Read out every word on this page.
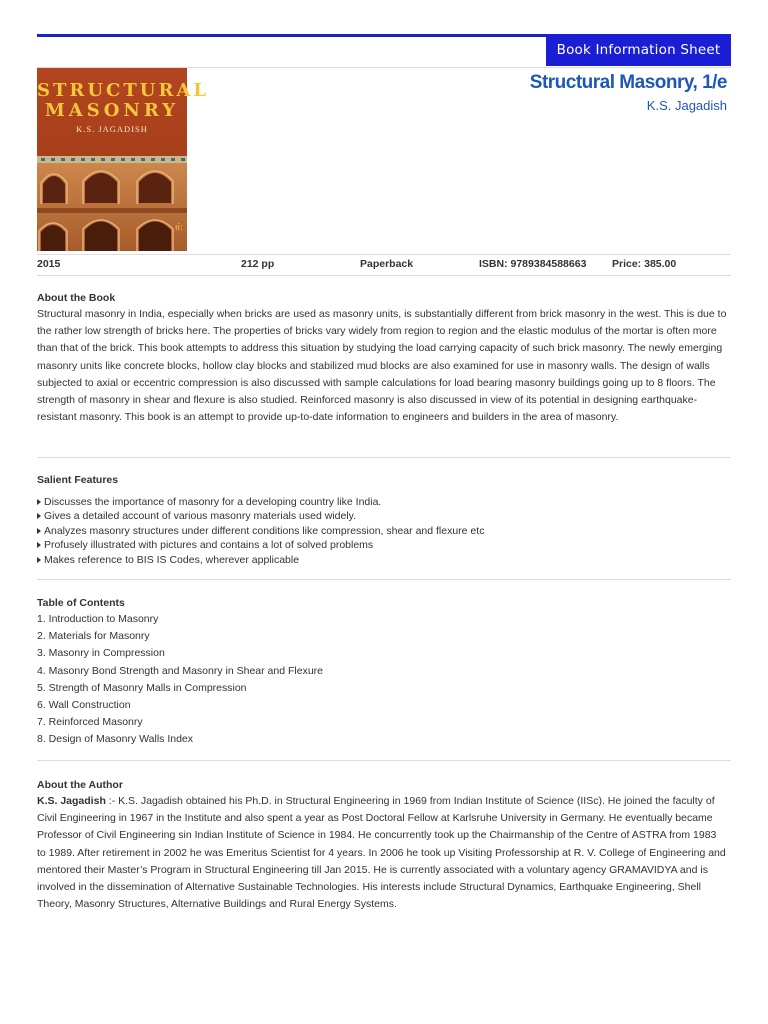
Book Information Sheet
ıi:
STRUCTURAL
MASONRY
K.S. JAGADISH
Structural Masonry, 1/e
K.S. Jagadish
2015	212 pp	Paperback	ISBN: 9789384588663 Price: 385.00
About the Book

Structural masonry in India, especially when bricks are used as masonry units, is substantially different from brick masonry in the west. This is due to the rather low strength of bricks here. The properties of bricks vary widely from region to region and the elastic modulus of the mortar is often more than that of the brick. This book attempts to address this situation by studying the load carrying capacity of such brick masonry. The newly emerging masonry units like concrete blocks, hollow clay blocks and stabilized mud blocks are also examined for use in masonry walls. The design of walls subjected to axial or eccentric compression is also discussed with sample calculations for load bearing masonry buildings going up to 8 floors. The strength of masonry in shear and flexure is also studied. Reinforced masonry is also discussed in view of its potential in designing earthquake-resistant masonry. This book is an attempt to provide up-to-date information to engineers and builders in the area of masonry.

Salient Features
Discusses the importance of masonry for a developing country like India.
Gives a detailed account of various masonry materials used widely.
Analyzes masonry structures under different conditions like compression, shear and flexure etc
Profusely illustrated with pictures and contains a lot of solved problems
Makes reference to BIS IS Codes, wherever applicable
Table of Contents
1. Introduction to Masonry
2. Materials for Masonry
3. Masonry in Compression
4. Masonry Bond Strength and Masonry in Shear and Flexure
5. Strength of Masonry Malls in Compression
6. Wall Construction
7. Reinforced Masonry
8. Design of Masonry Walls Index
About the Author

K.S. Jagadish :- K.S. Jagadish obtained his Ph.D. in Structural Engineering in 1969 from Indian Institute of Science (IISc). He joined the faculty of Civil Engineering in 1967 in the Institute and also spent a year as Post Doctoral Fellow at Karlsruhe University in Germany. He eventually became Professor of Civil Engineering sin Indian Institute of Science in 1984. He concurrently took up the Chairmanship of the Centre of ASTRA from 1983 to 1989. After retirement in 2002 he was Emeritus Scientist for 4 years. In 2006 he took up Visiting Professorship at R. V. College of Engineering and mentored their Master’s Program in Structural Engineering till Jan 2015. He is currently associated with a voluntary agency GRAMAVIDYA and is involved in the dissemination of Alternative Sustainable Technologies. His interests include Structural Dynamics, Earthquake Engineering, Shell Theory, Masonry Structures, Alternative Buildings and Rural Energy Systems.
